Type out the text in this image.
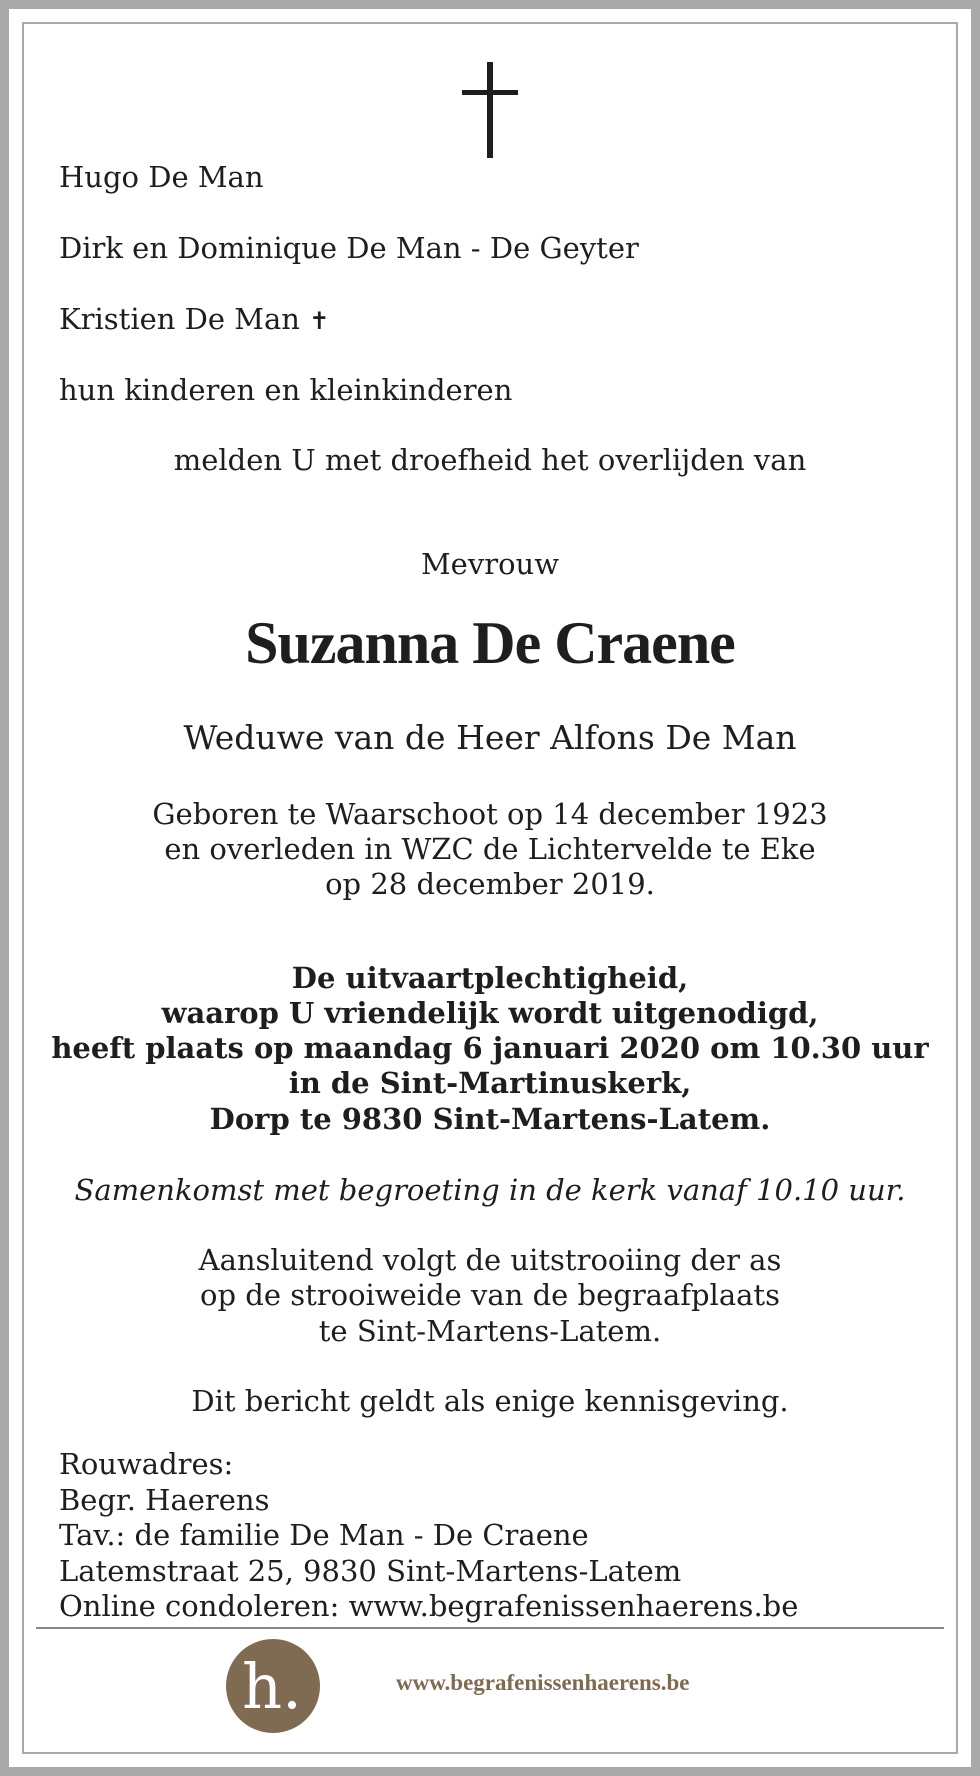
Hugo De Man
Dirk en Dominique De Man - De Geyter
Kristien De Man ✝
hun kinderen en kleinkinderen
melden U met droefheid het overlijden van
Mevrouw
Suzanna De Craene
Weduwe van de Heer Alfons De Man
Geboren te Waarschoot op 14 december 1923
en overleden in WZC de Lichtervelde te Eke
op 28 december 2019.
De uitvaartplechtigheid,
waarop U vriendelijk wordt uitgenodigd,
heeft plaats op maandag 6 januari 2020 om 10.30 uur
in de Sint-Martinuskerk,
Dorp te 9830 Sint-Martens-Latem.
Samenkomst met begroeting in de kerk vanaf 10.10 uur.
Aansluitend volgt de uitstrooiing der as
op de strooiweide van de begraafplaats
te Sint-Martens-Latem.
Dit bericht geldt als enige kennisgeving.
Rouwadres:
Begr. Haerens
Tav.: de familie De Man - De Craene
Latemstraat 25, 9830 Sint-Martens-Latem
Online condoleren: www.begrafenissenhaerens.be
h.	www.begrafenissenhaerens.be
